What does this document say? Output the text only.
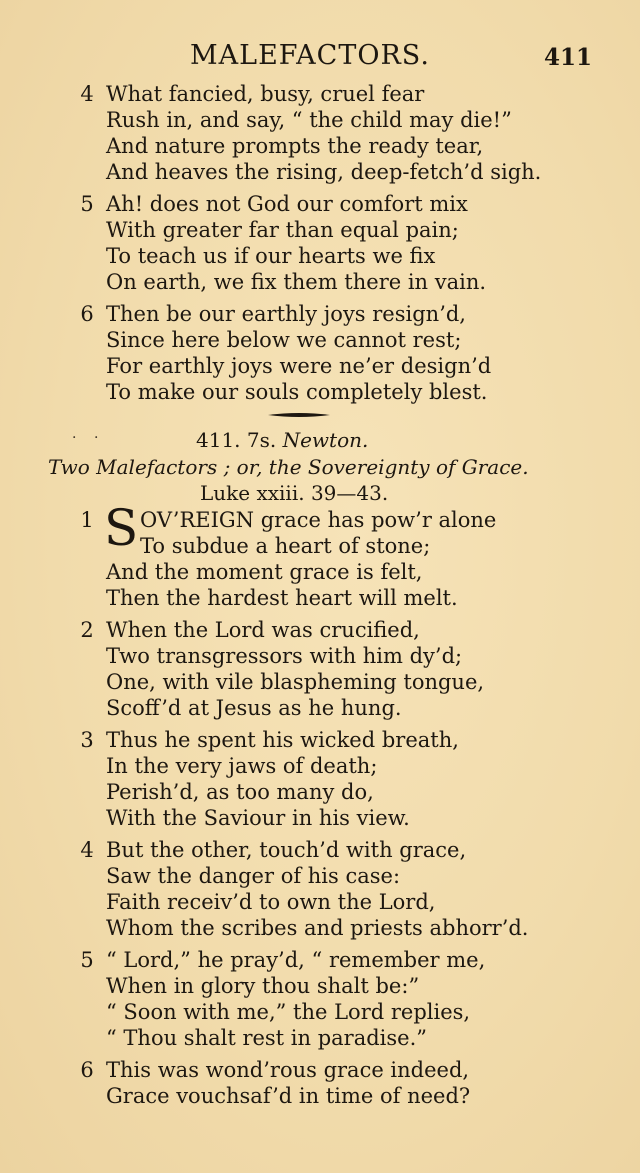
MALEFACTORS.	411
4 What fancied, busy, cruel fear
Rush in, and say, “ the child may die!”
And nature prompts the ready tear,
And heaves the rising, deep-fetch’d sigh.
5 Ah! does not God our comfort mix
With greater far than equal pain;
To teach us if our hearts we fix
On earth, we fix them there in vain.
6 Then be our earthly joys resign’d,
Since here below we cannot rest;
For earthly joys were ne’er design’d
To make our souls completely blest.
· ·	411. 7s. Newton.
Two Malefactors ; or, the Sovereignty of Grace.
Luke xxiii. 39—43.
1 S OV’REIGN grace has pow’r alone
To subdue a heart of stone;
And the moment grace is felt,
Then the hardest heart will melt.
2 When the Lord was crucified,
Two transgressors with him dy’d;
One, with vile blaspheming tongue,
Scoff’d at Jesus as he hung.
3 Thus he spent his wicked breath,
In the very jaws of death;
Perish’d, as too many do,
With the Saviour in his view.
4 But the other, touch’d with grace,
Saw the danger of his case:
Faith receiv’d to own the Lord,
Whom the scribes and priests abhorr’d.
5 “ Lord,” he pray’d, “ remember me,
When in glory thou shalt be:”
“ Soon with me,” the Lord replies,
“ Thou shalt rest in paradise.”
6 This was wond’rous grace indeed,
Grace vouchsaf’d in time of need?
